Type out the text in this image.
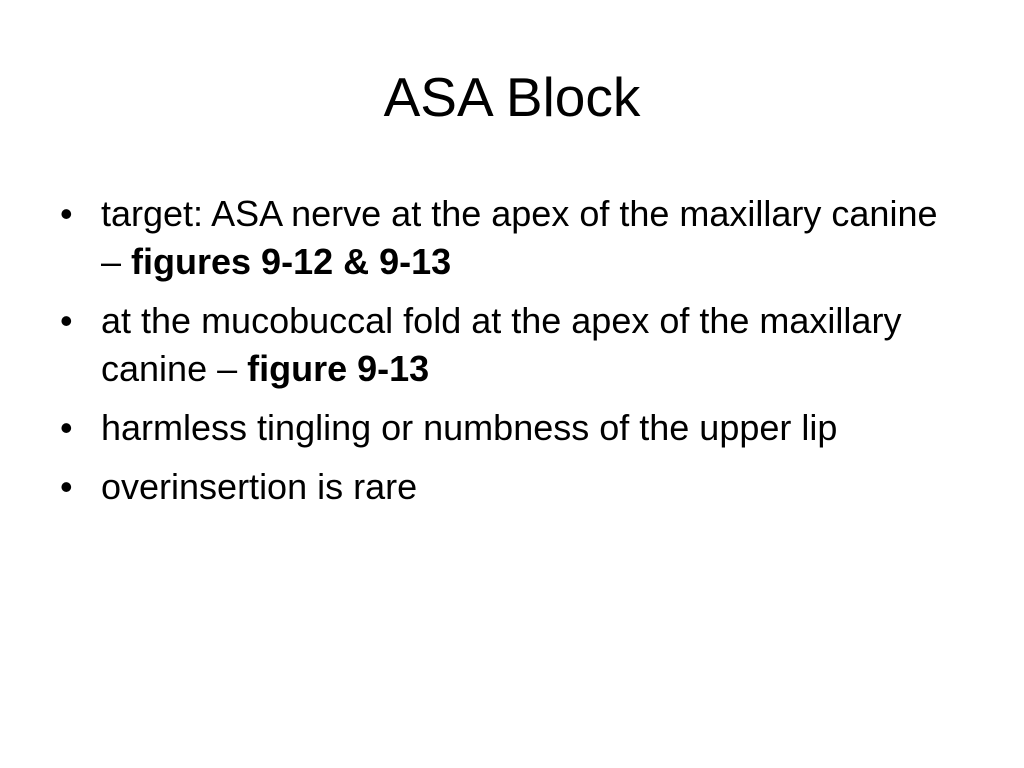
ASA Block
• target: ASA nerve at the apex of the maxillary canine – figures 9-12 & 9-13
• at the mucobuccal fold at the apex of the maxillary canine – figure 9-13
• harmless tingling or numbness of the upper lip
• overinsertion is rare
